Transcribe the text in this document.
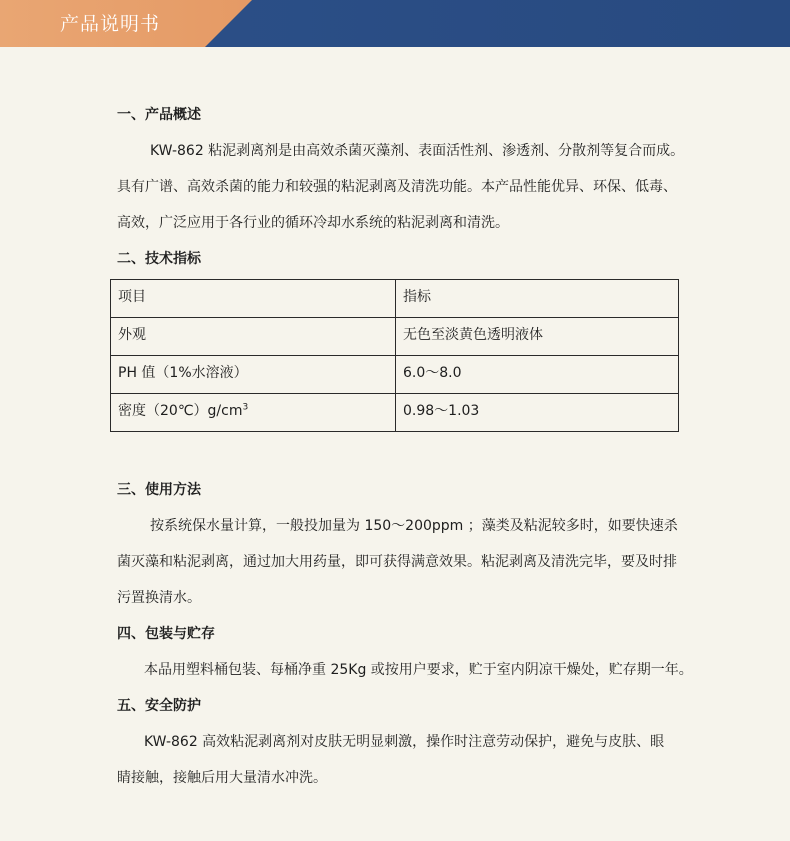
产品说明书
一、产品概述
KW-862 粘泥剥离剂是由高效杀菌灭藻剂、表面活性剂、渗透剂、分散剂等复合而成。
具有广谱、高效杀菌的能力和较强的粘泥剥离及清洗功能。本产品性能优异、环保、低毒、
高效，广泛应用于各行业的循环冷却水系统的粘泥剥离和清洗。
二、技术指标
三、使用方法
按系统保水量计算，一般投加量为 150～200ppm ；藻类及粘泥较多时，如要快速杀
菌灭藻和粘泥剥离，通过加大用药量，即可获得满意效果。粘泥剥离及清洗完毕，要及时排
污置换清水。
四、包装与贮存
本品用塑料桶包装、每桶净重 25Kg 或按用户要求，贮于室内阴凉干燥处，贮存期一年。
五、安全防护
KW-862 高效粘泥剥离剂对皮肤无明显刺激，操作时注意劳动保护，避免与皮肤、眼
睛接触，接触后用大量清水冲洗。
项目	指标
外观	无色至淡黄色透明液体
PH 值（1%水溶液）	6.0～8.0
密度$(20℃)g/cm^3$	0.98～1.03
